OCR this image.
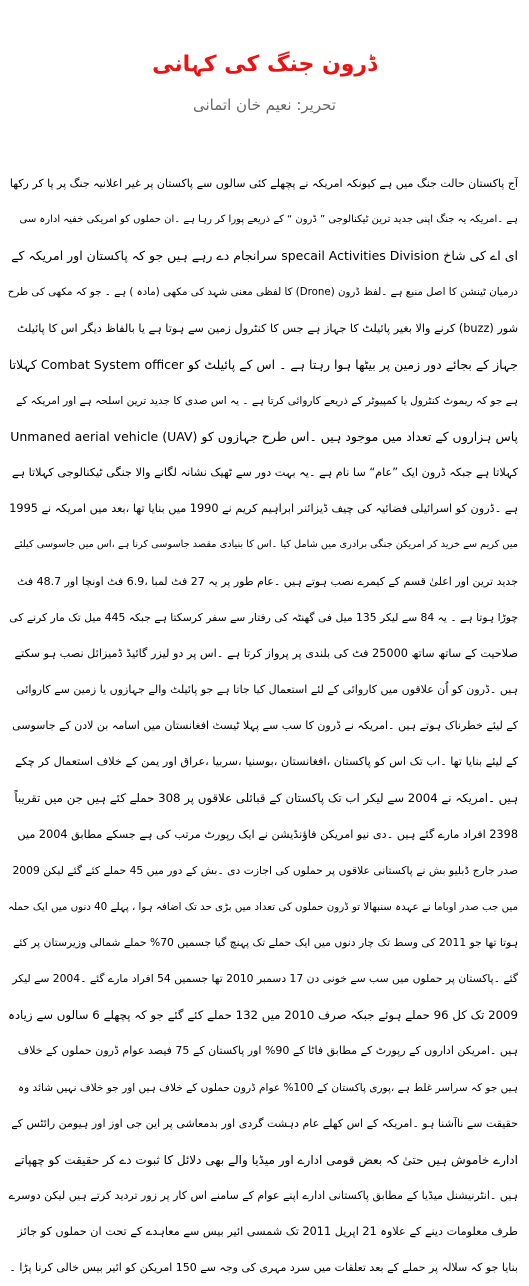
ڈرون جنگ کی کہانی
تحریر: نعیم خان اتمانی
آج پاکستان حالت جنگ میں ہے کیونکہ امریکہ نے پچھلے کئی سالوں سے پاکستان پر غیر اعلانیہ جنگ پر پا کر رکھا
ہے ۔امریکہ یہ جنگ اپنی جدید ترین ٹیکنالوجی ” ڈرون “ کے ذریعے پورا کر رہا ہے ۔ان حملوں کو امریکی خفیہ ادارہ سی
ای اے کی شاخ specail Activities Division سرانجام دے رہے ہیں جو کہ پاکستان اور امریکہ کے
درمیان ٹینشن کا اصل منبع ہے ۔لفظ ڈرون (Drone) کا لفظی معنی شہد کی مکھی (مادہ ) ہے ۔ جو کہ مکھی کی طرح
شور (buzz) کرنے والا بغیر پائیلٹ کا جہاز ہے جس کا کنٹرول زمین سے ہوتا ہے یا بالفاظ دیگر اس کا پائیلٹ
جہاز کے بجائے دور زمین پر بیٹھا ہوا رہتا ہے ۔ اس کے پائیلٹ کو Combat System officer کہلاتا
ہے جو کہ ریموٹ کنٹرول یا کمپیوٹر کے ذریعے کاروائی کرتا ہے ۔ یہ اس صدی کا جدید ترین اسلحہ ہے اور امریکہ کے
پاس ہزاروں کے تعداد میں موجود ہیں ۔اس طرح جہازوں کو Unmaned aerial vehicle (UAV)
کہلاتا ہے جبکہ ڈرون ایک ”عام“ سا نام ہے ۔یہ بہت دور سے ٹھیک نشانہ لگانے والا جنگی ٹیکنالوجی کہلاتا ہے
ہے ۔ڈرون کو اسرائیلی فضائیہ کی چیف ڈیزائنر ابراہیم کریم نے 1990 میں بنایا تھا ،بعد میں امریکہ نے 1995
میں کریم سے خرید کر امریکن جنگی برادری میں شامل کیا ۔اس کا بنیادی مقصد جاسوسی کرنا ہے ،اس میں جاسوسی کیلئے
جدید ترین اور اعلیٰ قسم کے کیمرے نصب ہوتے ہیں ۔عام طور پر یہ 27 فٹ لمبا ،6.9 فٹ اونچا اور 48.7 فٹ
چوڑا ہوتا ہے ۔ یہ 84 سے لیکر 135 میل فی گھنٹہ کی رفتار سے سفر کرسکتا ہے جبکہ 445 میل تک مار کرنے کی
صلاحیت کے ساتھ ساتھ 25000 فٹ کی بلندی پر پرواز کرتا ہے ۔اس پر دو لیزر گائیڈ ڈمیزائل نصب ہو سکتے
ہیں ۔ڈرون کو اُن علاقوں میں کاروائی کے لئے استعمال کیا جاتا ہے جو پائیلٹ والے جہازوں یا زمین سے کاروائی
کے لیئے خطرناک ہوتے ہیں ۔امریکہ نے ڈرون کا سب سے پہلا ٹیسٹ افغانستان میں اسامہ بن لادن کے جاسوسی
کے لیئے بنایا تھا ۔اب تک اس کو پاکستان ،افغانستان ،بوسنیا ،سربیا ،عراق اور یمن کے خلاف استعمال کر چکے
ہیں ۔امریکہ نے 2004 سے لیکر اب تک پاکستان کے قبائلی علاقوں پر 308 حملے کئے ہیں جن میں تقریباً
2398 افراد مارے گئے ہیں ۔دی نیو امریکن فاؤنڈیشن نے ایک رپورٹ مرتب کی ہے جسکے مطابق 2004 میں
صدر جارج ڈبلیو بش نے پاکستانی علاقوں پر حملوں کی اجازت دی ۔بش کے دور میں 45 حملے کئے گئے لیکن 2009
میں جب صدر اوباما نے عہدہ سنبھالا تو ڈرون حملوں کی تعداد میں بڑی حد تک اضافہ ہوا ، پہلے 40 دنوں میں ایک حملہ
ہوتا تھا جو 2011 کی وسط تک چار دنوں میں ایک حملے تک پہنچ گیا جسمیں 70% حملے شمالی وزیرستان پر کئے
گئے ۔پاکستان پر حملوں میں سب سے خونی دن 17 دسمبر 2010 تھا جسمیں 54 افراد مارے گئے ۔2004 سے لیکر
2009 تک کل 96 حملے ہوئے جبکہ صرف 2010 میں 132 حملے کئے گئے جو کہ پچھلے 6 سالوں سے زیادہ
ہیں ۔امریکن اداروں کے رپورٹ کے مطابق فاٹا کے 90% اور پاکستان کے 75 فیصد عوام ڈرون حملوں کے خلاف
ہیں جو کہ سراسر غلط ہے ،پوری پاکستان کے 100% عوام ڈرون حملوں کے خلاف ہیں اور جو خلاف نہیں شائد وہ
حقیقت سے ناآشنا ہو ۔امریکہ کے اس کھلے عام دہشت گردی اور بدمعاشی پر این جی اوز اور ہیومن رائٹس کے
ادارے خاموش ہیں حتیٰ کہ بعض قومی ادارے اور میڈیا والے بھی دلائل کا ثبوت دے کر حقیقت کو چھپاتے
ہیں ۔انٹرنیشنل میڈیا کے مطابق پاکستانی ادارے اپنے عوام کے سامنے اس کار پر زور تردید کرتے ہیں لیکن دوسرے
طرف معلومات دینے کے علاوہ 21 اپریل 2011 تک شمسی ائیر بیس سے معاہدے کے تحت ان حملوں کو جائز
بنایا جو کہ سلالہ پر حملے کے بعد تعلقات میں سرد مہری کی وجہ سے 150 امریکن کو ائیر بیس خالی کرنا پڑا ۔
